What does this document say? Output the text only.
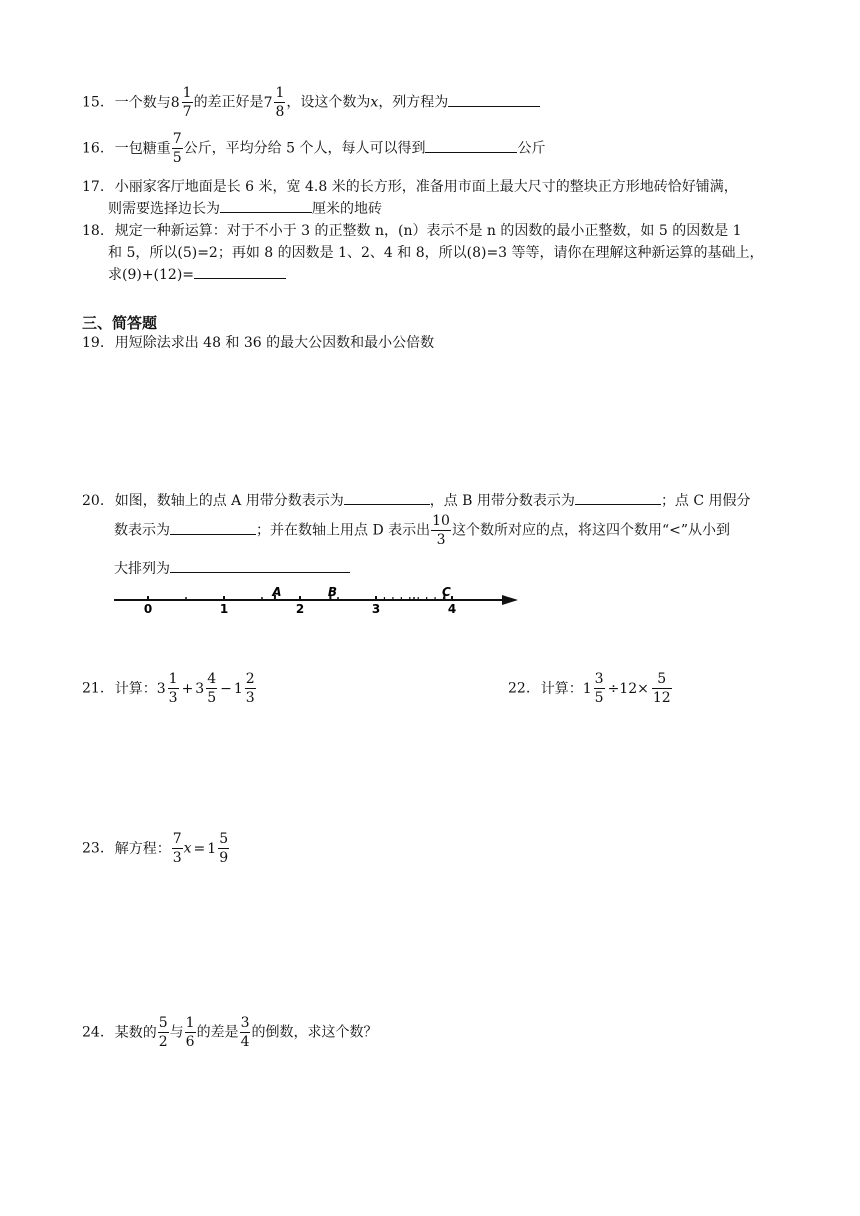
15. 一个数与 $8 \frac{1}{7}$ 的差正好是 $7 \frac{1}{8}$ ，设这个数为x，列方程为
16. 一包糖重 $\frac{7}{5}$ 公斤，平均分给 5 个人，每人可以得到	公斤
17. 小丽家客厅地面是长 6 米，宽 4.8 米的长方形，准备用市面上最大尺寸的整块正方形地砖恰好铺满，
则需要选择边长为	厘米的地砖
18. 规定一种新运算：对于不小于 3 的正整数 n，(n）表示不是 n 的因数的最小正整数，如 5 的因数是 1
和 5，所以(5)=2；再如 8 的因数是 1、2、4 和 8，所以(8)=3 等等，请你在理解这种新运算的基础上，
求(9)+(12)=
三、简答题
19. 用短除法求出 48 和 36 的最大公因数和最小公倍数
20. 如图，数轴上的点 A 用带分数表示为	，点 B 用带分数表示为	；点 C 用假分
数表示为	；并在数轴上用点 D 表示出 $\frac{10}{3}$ 这个数所对应的点，将这四个数用“<”从小到
大排列为
0	1	2	3	4
A	B	C
21. 计算： $3 \frac{1}{3} + 3 \frac{4}{5} - 1 \frac{2}{3}$	22. 计算： $1 \frac{3}{5} \div 12\times \frac{5}{12}$
23. 解方程： $\frac{7}{3}$ $x = 1 \frac{5}{9}$
24. 某数的 $\frac{5}{2}$ 与 $\frac{1}{6}$ 的差是 $\frac{3}{4}$ 的倒数，求这个数？
